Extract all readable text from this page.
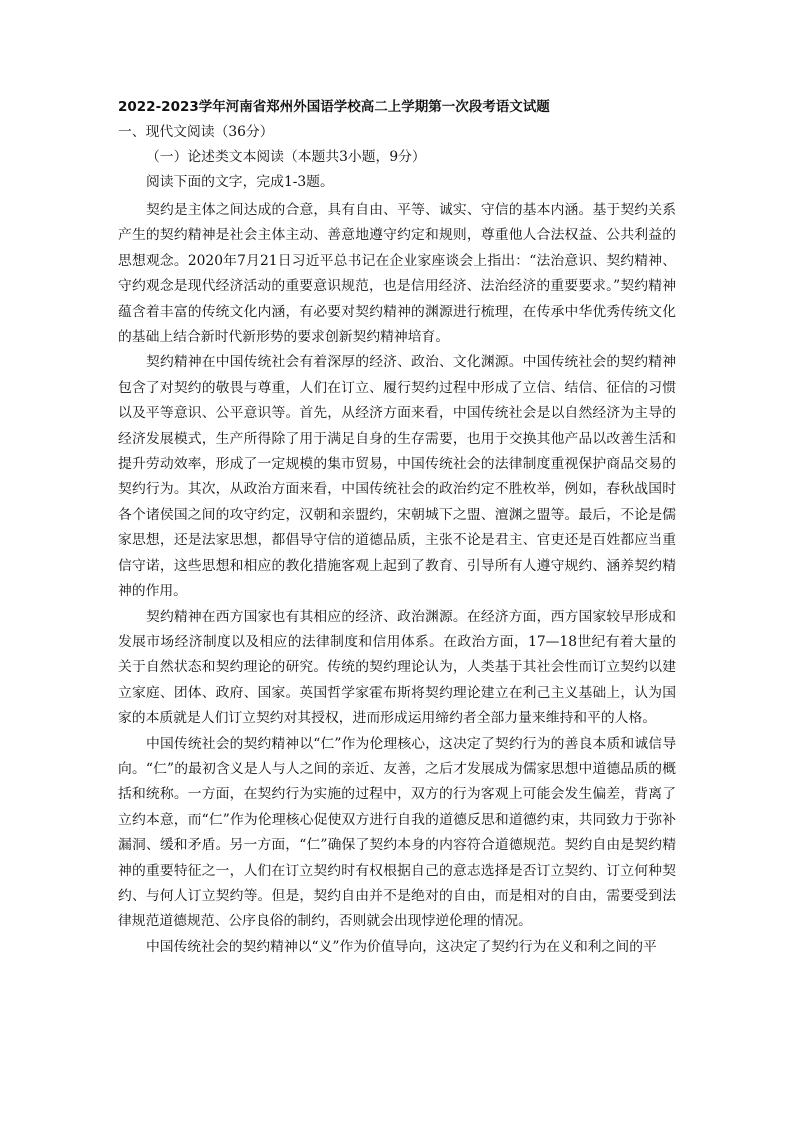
2022-2023学年河南省郑州外国语学校高二上学期第一次段考语文试题
一、现代文阅读（36分）
（一）论述类文本阅读（本题共3小题，9分）
阅读下面的文字，完成1-3题。

契约是主体之间达成的合意，具有自由、平等、诚实、守信的基本内涵。基于契约关系产生的契约精神是社会主体主动、善意地遵守约定和规则，尊重他人合法权益、公共利益的思想观念。2020年7月21日习近平总书记在企业家座谈会上指出：“法治意识、契约精神、守约观念是现代经济活动的重要意识规范，也是信用经济、法治经济的重要要求。”契约精神蕴含着丰富的传统文化内涵，有必要对契约精神的渊源进行梳理，在传承中华优秀传统文化的基础上结合新时代新形势的要求创新契约精神培育。

契约精神在中国传统社会有着深厚的经济、政治、文化渊源。中国传统社会的契约精神包含了对契约的敬畏与尊重，人们在订立、履行契约过程中形成了立信、结信、征信的习惯以及平等意识、公平意识等。首先，从经济方面来看，中国传统社会是以自然经济为主导的经济发展模式，生产所得除了用于满足自身的生存需要，也用于交换其他产品以改善生活和提升劳动效率，形成了一定规模的集市贸易，中国传统社会的法律制度重视保护商品交易的契约行为。其次，从政治方面来看，中国传统社会的政治约定不胜枚举，例如，春秋战国时各个诸侯国之间的攻守约定，汉朝和亲盟约，宋朝城下之盟、澶渊之盟等。最后，不论是儒家思想，还是法家思想，都倡导守信的道德品质，主张不论是君主、官吏还是百姓都应当重信守诺，这些思想和相应的教化措施客观上起到了教育、引导所有人遵守规约、涵养契约精神的作用。

契约精神在西方国家也有其相应的经济、政治渊源。在经济方面，西方国家较早形成和发展市场经济制度以及相应的法律制度和信用体系。在政治方面，17—18世纪有着大量的关于自然状态和契约理论的研究。传统的契约理论认为，人类基于其社会性而订立契约以建立家庭、团体、政府、国家。英国哲学家霍布斯将契约理论建立在利己主义基础上，认为国家的本质就是人们订立契约对其授权，进而形成运用缔约者全部力量来维持和平的人格。

中国传统社会的契约精神以“仁”作为伦理核心，这决定了契约行为的善良本质和诚信导向。“仁”的最初含义是人与人之间的亲近、友善，之后才发展成为儒家思想中道德品质的概括和统称。一方面，在契约行为实施的过程中，双方的行为客观上可能会发生偏差，背离了立约本意，而“仁”作为伦理核心促使双方进行自我的道德反思和道德约束，共同致力于弥补漏洞、缓和矛盾。另一方面，“仁”确保了契约本身的内容符合道德规范。契约自由是契约精神的重要特征之一，人们在订立契约时有权根据自己的意志选择是否订立契约、订立何种契约、与何人订立契约等。但是，契约自由并不是绝对的自由，而是相对的自由，需要受到法律规范道德规范、公序良俗的制约，否则就会出现悖逆伦理的情况。

中国传统社会的契约精神以“义”作为价值导向，这决定了契约行为在义和利之间的平
